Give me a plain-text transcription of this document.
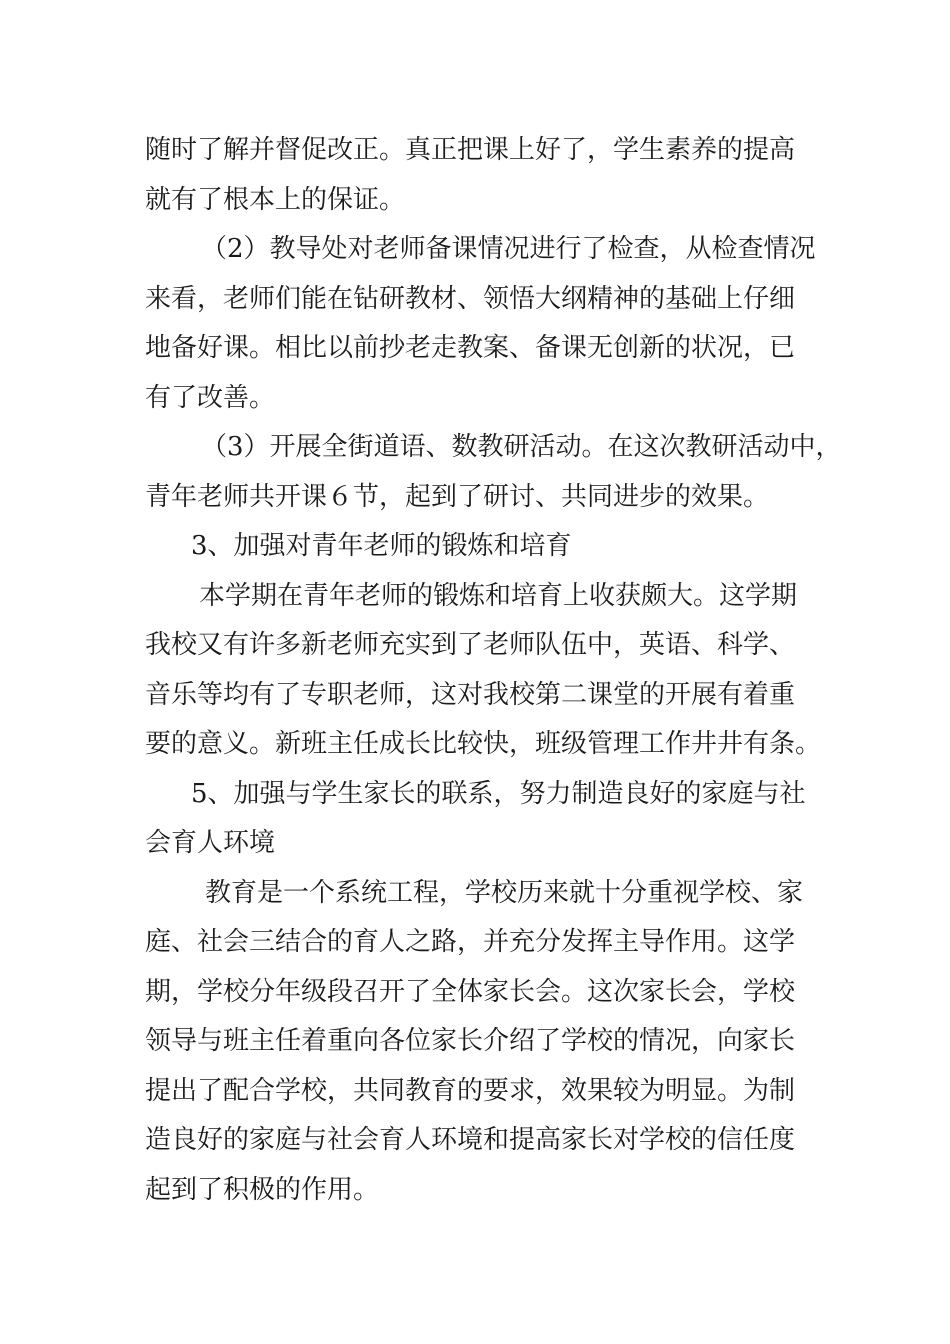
随时了解并督促改正。真正把课上好了，学生素养的提高
就有了根本上的保证。
（2）教导处对老师备课情况进行了检查，从检查情况
来看，老师们能在钻研教材、领悟大纲精神的基础上仔细
地备好课。相比以前抄老走教案、备课无创新的状况，已
有了改善。
（3）开展全街道语、数教研活动。在这次教研活动中，
青年老师共开课６节，起到了研讨、共同进步的效果。
3、加强对青年老师的锻炼和培育
本学期在青年老师的锻炼和培育上收获颇大。这学期
我校又有许多新老师充实到了老师队伍中，英语、科学、
音乐等均有了专职老师，这对我校第二课堂的开展有着重
要的意义。新班主任成长比较快，班级管理工作井井有条。
5、加强与学生家长的联系，努力制造良好的家庭与社
会育人环境
教育是一个系统工程，学校历来就十分重视学校、家
庭、社会三结合的育人之路，并充分发挥主导作用。这学
期，学校分年级段召开了全体家长会。这次家长会，学校
领导与班主任着重向各位家长介绍了学校的情况，向家长
提出了配合学校，共同教育的要求，效果较为明显。为制
造良好的家庭与社会育人环境和提高家长对学校的信任度
起到了积极的作用。
